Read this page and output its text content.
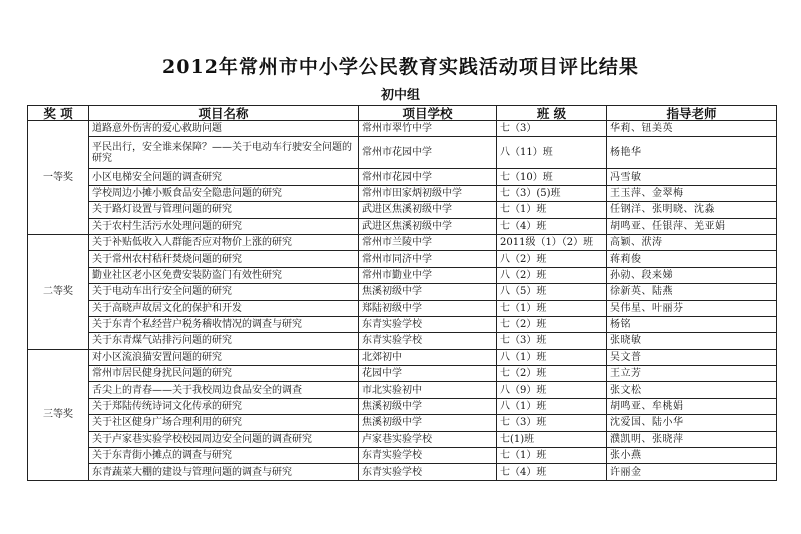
2012年常州市中小学公民教育实践活动项目评比结果
初中组
奖 项	项目名称	项目学校	班 级	指导老师
一等奖	道路意外伤害的爱心救助问题	常州市翠竹中学	七（3）	华莉、钮美英
	平民出行，安全谁来保障？——关于电动车行驶安全问题的研究	常州市花园中学	八（11）班	杨艳华
	小区电梯安全问题的调查研究	常州市花园中学	七（10）班	冯雪敏
	学校周边小摊小贩食品安全隐患问题的研究	常州市田家炳初级中学	七（3）(5)班	王玉萍、金翠梅
	关于路灯设置与管理问题的研究	武进区焦溪初级中学	七（1）班	任钢洋、张明晓、沈淼
	关于农村生活污水处理问题的研究	武进区焦溪初级中学	七（4）班	胡鸣亚、任银萍、羌亚娟
二等奖	关于补贴低收入人群能否应对物价上涨的研究	常州市兰陵中学	2011级（1）（2）班	高颖、洑涛
	关于常州农村秸秆焚烧问题的研究	常州市同济中学	八（2）班	蒋莉俊
	勤业社区老小区免费安装防盗门有效性研究	常州市勤业中学	八（2）班	孙勍、段来娣
	关于电动车出行安全问题的研究	焦溪初级中学	八（5）班	徐新英、陆燕
	关于高晓声故居文化的保护和开发	郑陆初级中学	七（1）班	吴伟星、叶丽芬
	关于东青个私经营户税务稽收情况的调查与研究	东青实验学校	七（2）班	杨铭
	关于东青煤气站排污问题的研究	东青实验学校	七（3）班	张晓敏
三等奖	对小区流浪猫安置问题的研究	北郊初中	八（1）班	吴文普
	常州市居民健身扰民问题的研究	花园中学	七（2）班	王立芳
	舌尖上的青春——关于我校周边食品安全的调查	市北实验初中	八（9）班	张文松
	关于郑陆传统诗词文化传承的研究	焦溪初级中学	八（1）班	胡鸣亚、牟桃娟
	关于社区健身广场合理利用的研究	焦溪初级中学	七（3）班	沈爱国、陆小华
	关于卢家巷实验学校校园周边安全问题的调查研究	卢家巷实验学校	七(1)班	濮凯明、张晓萍
	关于东青街小摊点的调查与研究	东青实验学校	七（1）班	张小燕
	东青蔬菜大棚的建设与管理问题的调查与研究	东青实验学校	七（4）班	许丽金
